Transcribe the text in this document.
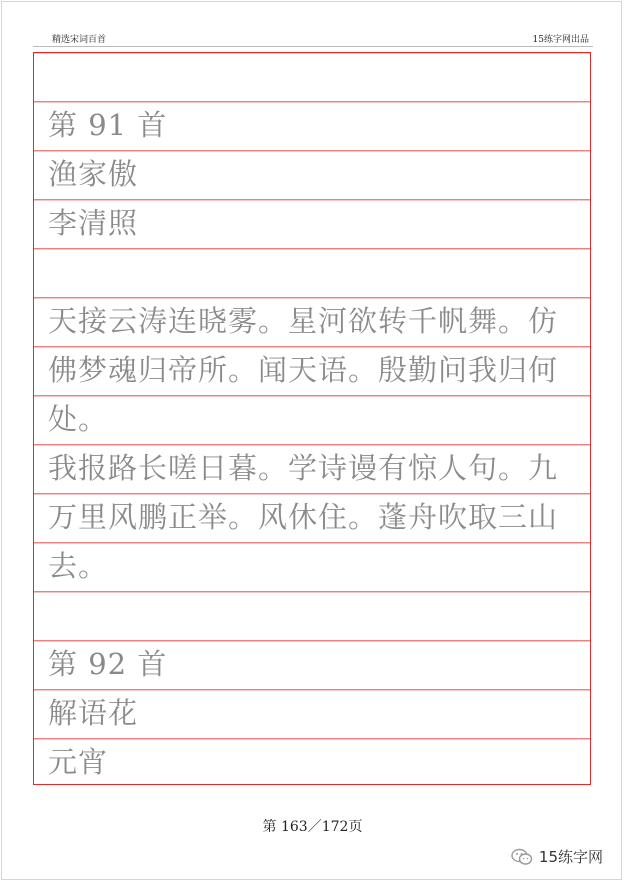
精选宋词百首	15练字网出品
第 91 首
渔家傲
李清照
天接云涛连晓雾。星河欲转千帆舞。仿
佛梦魂归帝所。闻天语。殷勤问我归何
处。
我报路长嗟日暮。学诗谩有惊人句。九
万里风鹏正举。风休住。蓬舟吹取三山
去。
第 92 首
解语花
元宵
第 163／172页
15练字网
